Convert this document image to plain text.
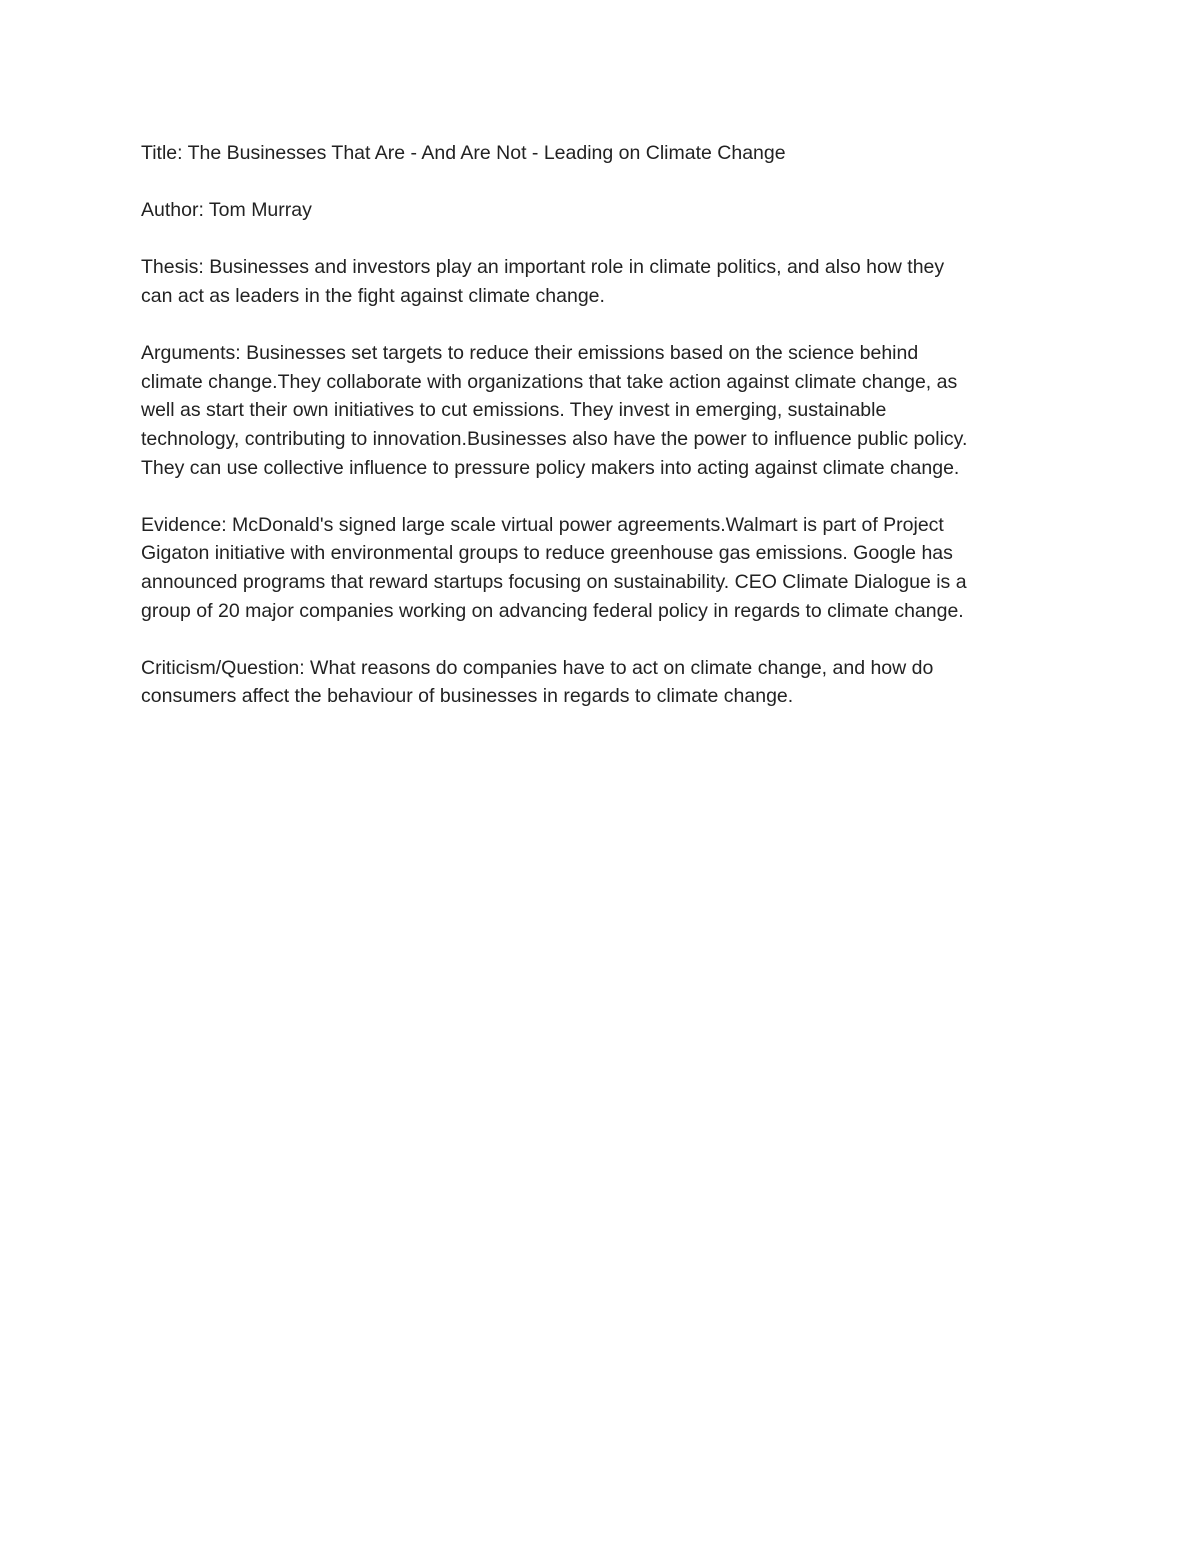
Title: The Businesses That Are - And Are Not - Leading on Climate Change

Author: Tom Murray

Thesis: Businesses and investors play an important role in climate politics, and also how they
can act as leaders in the fight against climate change.

Arguments: Businesses set targets to reduce their emissions based on the science behind
climate change.They collaborate with organizations that take action against climate change, as
well as start their own initiatives to cut emissions. They invest in emerging, sustainable
technology, contributing to innovation.Businesses also have the power to influence public policy.
They can use collective influence to pressure policy makers into acting against climate change.

Evidence: McDonald's signed large scale virtual power agreements.Walmart is part of Project
Gigaton initiative with environmental groups to reduce greenhouse gas emissions. Google has
announced programs that reward startups focusing on sustainability. CEO Climate Dialogue is a
group of 20 major companies working on advancing federal policy in regards to climate change.

Criticism/Question: What reasons do companies have to act on climate change, and how do
consumers affect the behaviour of businesses in regards to climate change.
